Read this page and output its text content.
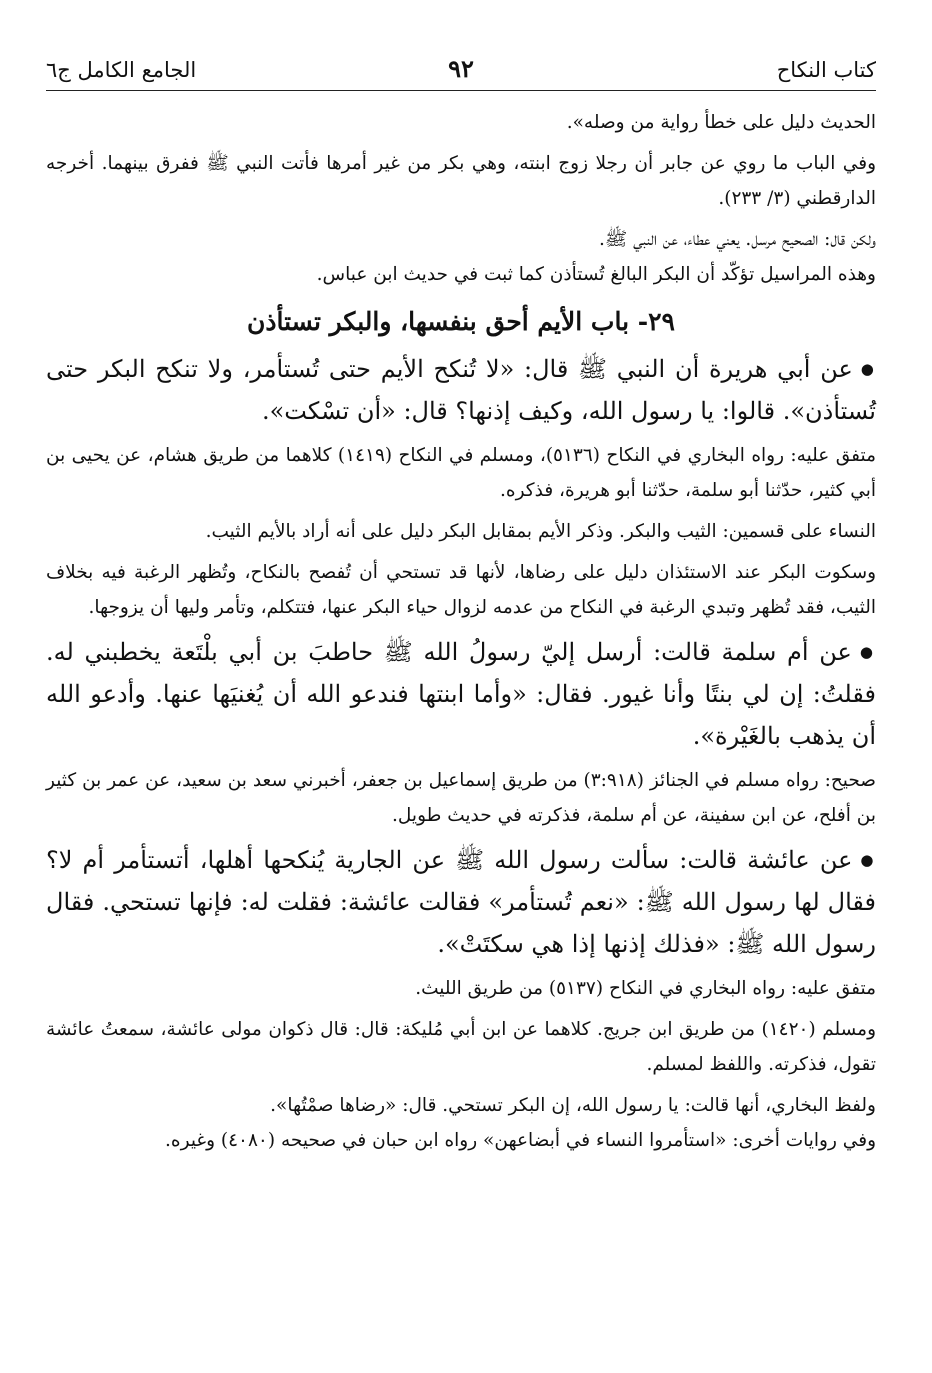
كتاب النكاح
٩٢
الجامع الكامل ج٦

الحديث دليل على خطأ رواية من وصله».

وفي الباب ما روي عن جابر أن رجلا زوج ابنته، وهي بكر من غير أمرها فأتت النبي ﷺ ففرق بينهما. أخرجه الدارقطني (٣/ ٢٣٣).

ولكن قال: الصحيح مرسل. يعني عطاء، عن النبي ﷺ.

وهذه المراسيل تؤكّد أن البكر البالغ تُستأذن كما ثبت في حديث ابن عباس.

٢٩- باب الأيم أحق بنفسها، والبكر تستأذن

● عن أبي هريرة أن النبي ﷺ قال: «لا تُنكح الأيم حتى تُستأمر، ولا تنكح البكر حتى تُستأذن». قالوا: يا رسول الله، وكيف إذنها؟ قال: «أن تسْكت».

متفق عليه: رواه البخاري في النكاح (٥١٣٦)، ومسلم في النكاح (١٤١٩) كلاهما من طريق هشام، عن يحيى بن أبي كثير، حدّثنا أبو سلمة، حدّثنا أبو هريرة، فذكره.

النساء على قسمين: الثيب والبكر. وذكر الأيم بمقابل البكر دليل على أنه أراد بالأيم الثيب.

وسكوت البكر عند الاستئذان دليل على رضاها، لأنها قد تستحي أن تُفصح بالنكاح، وتُظهر الرغبة فيه بخلاف الثيب، فقد تُظهر وتبدي الرغبة في النكاح من عدمه لزوال حياء البكر عنها، فتتكلم، وتأمر وليها أن يزوجها.

● عن أم سلمة قالت: أرسل إليّ رسولُ الله ﷺ حاطبَ بن أبي بلْتَعة يخطبني له. فقلتُ: إن لي بنتًا وأنا غيور. فقال: «وأما ابنتها فندعو الله أن يُغنيَها عنها. وأدعو الله أن يذهب بالغَيْرة».

صحيح: رواه مسلم في الجنائز (٣:٩١٨) من طريق إسماعيل بن جعفر، أخبرني سعد بن سعيد، عن عمر بن كثير بن أفلح، عن ابن سفينة، عن أم سلمة، فذكرته في حديث طويل.

● عن عائشة قالت: سألت رسول الله ﷺ عن الجارية يُنكحها أهلها، أتستأمر أم لا؟ فقال لها رسول الله ﷺ: «نعم تُستأمر» فقالت عائشة: فقلت له: فإنها تستحي. فقال رسول الله ﷺ: «فذلك إذنها إذا هي سكتَتْ».

متفق عليه: رواه البخاري في النكاح (٥١٣٧) من طريق الليث.

ومسلم (١٤٢٠) من طريق ابن جريج. كلاهما عن ابن أبي مُليكة: قال: قال ذكوان مولى عائشة، سمعتُ عائشة تقول، فذكرته. واللفظ لمسلم.

ولفظ البخاري، أنها قالت: يا رسول الله، إن البكر تستحي. قال: «رضاها صمْتُها».

وفي روايات أخرى: «استأمروا النساء في أبضاعهن» رواه ابن حبان في صحيحه (٤٠٨٠) وغيره.
